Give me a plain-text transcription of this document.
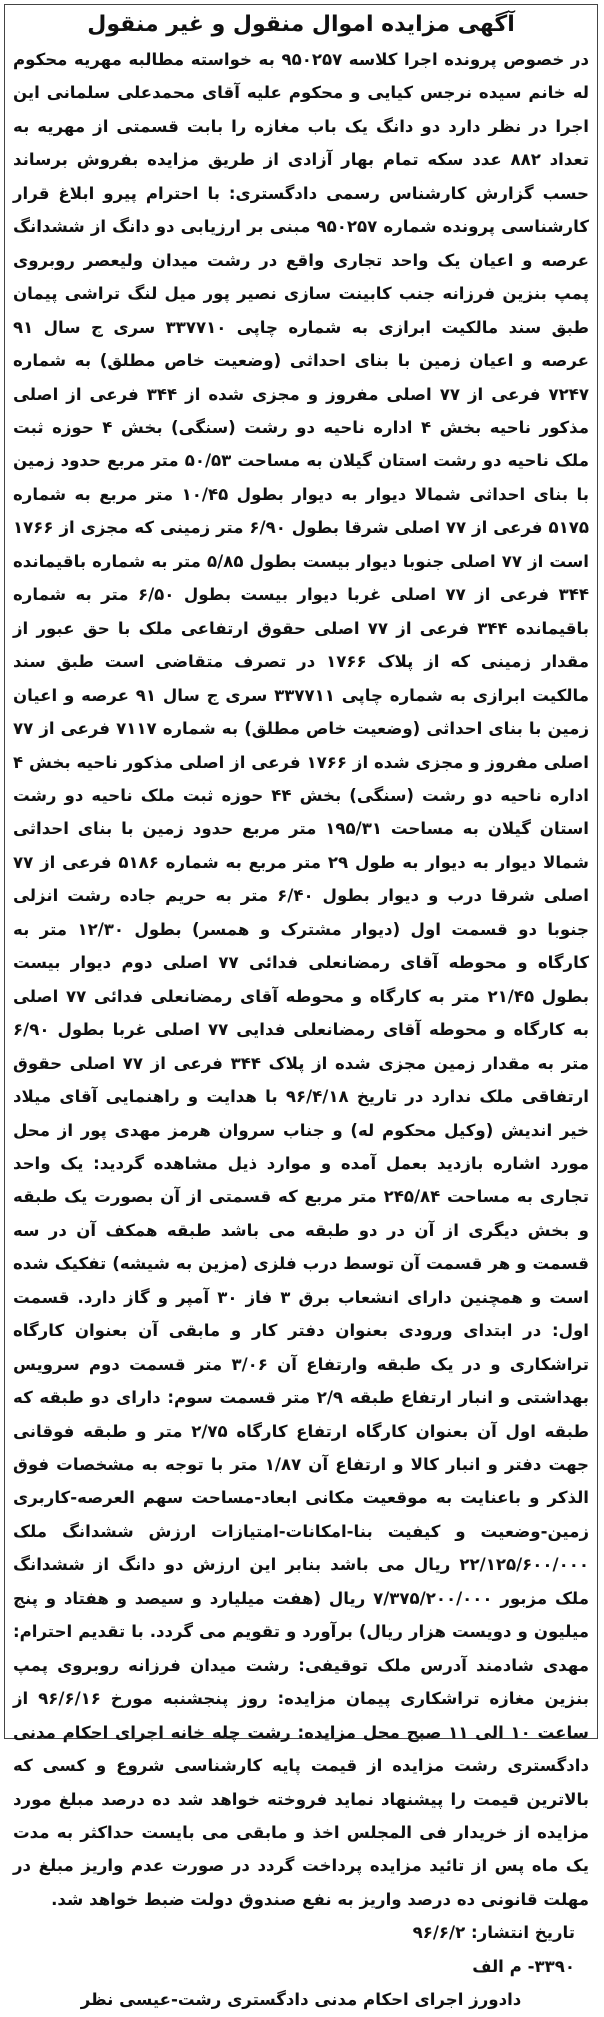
آگهی مزایده اموال منقول و غیر منقول

در خصوص پرونده اجرا کلاسه ۹۵۰۲۵۷ به خواسته مطالبه مهریه محکوم له خانم سیده نرجس کیایی و محکوم علیه آقای محمدعلی سلمانی این اجرا در نظر دارد دو دانگ یک باب مغازه را بابت قسمتی از مهریه به تعداد ۸۸۲ عدد سکه تمام بهار آزادی از طریق مزایده بفروش برساند حسب گزارش کارشناس رسمی دادگستری: با احترام پیرو ابلاغ قرار کارشناسی پرونده شماره ۹۵۰۲۵۷ مبنی بر ارزیابی دو دانگ از ششدانگ عرصه و اعیان یک واحد تجاری واقع در رشت میدان ولیعصر روبروی پمپ بنزین فرزانه جنب کابینت سازی نصیر پور میل لنگ تراشی پیمان طبق سند مالکیت ابرازی به شماره چاپی ۳۳۷۷۱۰ سری ج سال ۹۱ عرصه و اعیان زمین با بنای احداثی (وضعیت خاص مطلق) به شماره ۷۲۴۷ فرعی از ۷۷ اصلی مفروز و مجزی شده از ۳۴۴ فرعی از اصلی مذکور ناحیه بخش ۴ اداره ناحیه دو رشت (سنگی) بخش ۴ حوزه ثبت ملک ناحیه دو رشت استان گیلان به مساحت ۵۰/۵۳ متر مربع حدود زمین با بنای احداثی شمالا دیوار به دیوار بطول ۱۰/۴۵ متر مربع به شماره ۵۱۷۵ فرعی از ۷۷ اصلی شرقا بطول ۶/۹۰ متر زمینی که مجزی از ۱۷۶۶ است از ۷۷ اصلی جنوبا دیوار بیست بطول ۵/۸۵ متر به شماره باقیمانده ۳۴۴ فرعی از ۷۷ اصلی غربا دیوار بیست بطول ۶/۵۰ متر به شماره باقیمانده ۳۴۴ فرعی از ۷۷ اصلی حقوق ارتفاعی ملک با حق عبور از مقدار زمینی که از پلاک ۱۷۶۶ در تصرف متقاضی است طبق سند مالکیت ابرازی به شماره چاپی ۳۳۷۷۱۱ سری ج سال ۹۱ عرصه و اعیان زمین با بنای احداثی (وضعیت خاص مطلق) به شماره ۷۱۱۷ فرعی از ۷۷ اصلی مفروز و مجزی شده از ۱۷۶۶ فرعی از اصلی مذکور ناحیه بخش ۴ اداره ناحیه دو رشت (سنگی) بخش ۴۴ حوزه ثبت ملک ناحیه دو رشت استان گیلان به مساحت ۱۹۵/۳۱ متر مربع حدود زمین با بنای احداثی شمالا دیوار به دیوار به طول ۲۹ متر مربع به شماره ۵۱۸۶ فرعی از ۷۷ اصلی شرقا درب و دیوار بطول ۶/۴۰ متر به حریم جاده رشت انزلی جنوبا دو قسمت اول (دیوار مشترک و همسر) بطول ۱۲/۳۰ متر به کارگاه و محوطه آقای رمضانعلی فدائی ۷۷ اصلی دوم دیوار بیست بطول ۲۱/۴۵ متر به کارگاه و محوطه آقای رمضانعلی فدائی ۷۷ اصلی به کارگاه و محوطه آقای رمضانعلی فدایی ۷۷ اصلی غربا بطول ۶/۹۰ متر به مقدار زمین مجزی شده از پلاک ۳۴۴ فرعی از ۷۷ اصلی حقوق ارتفاقی ملک ندارد در تاریخ ۹۶/۴/۱۸ با هدایت و راهنمایی آقای میلاد خیر اندیش (وکیل محکوم له) و جناب سروان هرمز مهدی پور از محل مورد اشاره بازدید بعمل آمده و موارد ذیل مشاهده گردید: یک واحد تجاری به مساحت ۲۴۵/۸۴ متر مربع که قسمتی از آن بصورت یک طبقه و بخش دیگری از آن در دو طبقه می باشد طبقه همکف آن در سه قسمت و هر قسمت آن توسط درب فلزی (مزین به شیشه) تفکیک شده است و همچنین دارای انشعاب برق ۳ فاز ۳۰ آمپر و گاز دارد. قسمت اول: در ابتدای ورودی بعنوان دفتر کار و مابقی آن بعنوان کارگاه تراشکاری و در یک طبقه وارتفاع آن ۳/۰۶ متر قسمت دوم سرویس بهداشتی و انبار ارتفاع طبقه ۲/۹ متر قسمت سوم: دارای دو طبقه که طبقه اول آن بعنوان کارگاه ارتفاع کارگاه ۲/۷۵ متر و طبقه فوقانی جهت دفتر و انبار کالا و ارتفاع آن ۱/۸۷ متر با توجه به مشخصات فوق الذکر و باعنایت به موقعیت مکانی ابعاد-مساحت سهم العرصه-کاربری زمین-وضعیت و کیفیت بنا-امکانات-امتیازات ارزش ششدانگ ملک ۲۲/۱۲۵/۶۰۰/۰۰۰ ریال می باشد بنابر این ارزش دو دانگ از ششدانگ ملک مزبور ۷/۳۷۵/۲۰۰/۰۰۰ ریال (هفت میلیارد و سیصد و هفتاد و پنج میلیون و دویست هزار ریال) برآورد و تقویم می گردد. با تقدیم احترام: مهدی شادمند آدرس ملک توقیفی: رشت میدان فرزانه روبروی پمپ بنزین مغازه تراشکاری پیمان مزایده: روز پنجشنبه مورخ ۹۶/۶/۱۶ از ساعت ۱۰ الی ۱۱ صبح محل مزایده: رشت چله خانه اجرای احکام مدنی دادگستری رشت مزایده از قیمت پایه کارشناسی شروع و کسی که بالاترین قیمت را پیشنهاد نماید فروخته خواهد شد ده درصد مبلغ مورد مزایده از خریدار فی المجلس اخذ و مابقی می بایست حداکثر به مدت یک ماه پس از تائید مزایده پرداخت گردد در صورت عدم واریز مبلغ در مهلت قانونی ده درصد واریز به نفع صندوق دولت ضبط خواهد شد.

تاریخ انتشار: ۹۶/۶/۲

۳۳۹۰- م الف

دادورز اجرای احکام مدنی دادگستری رشت-عیسی نظر
